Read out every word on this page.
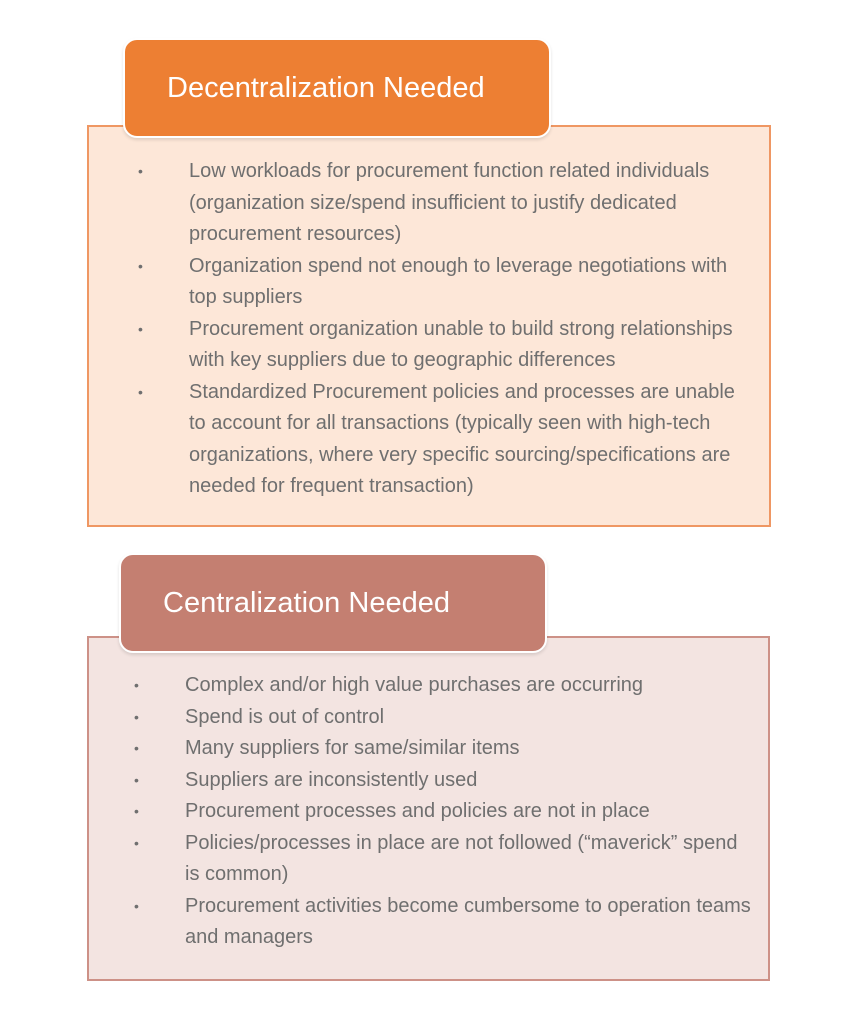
Decentralization Needed
•	Low workloads for procurement function related individuals (organization size/spend insufficient to justify dedicated procurement resources)
•	Organization spend not enough to leverage negotiations with top suppliers
•	Procurement organization unable to build strong relationships with key suppliers due to geographic differences
•	Standardized Procurement policies and processes are unable to account for all transactions (typically seen with high-tech organizations, where very specific sourcing/specifications are needed for frequent transaction)
Centralization Needed
•	Complex and/or high value purchases are occurring
•	Spend is out of control
•	Many suppliers for same/similar items
•	Suppliers are inconsistently used
•	Procurement processes and policies are not in place
•	Policies/processes in place are not followed (“maverick” spend is common)
•	Procurement activities become cumbersome to operation teams and managers
